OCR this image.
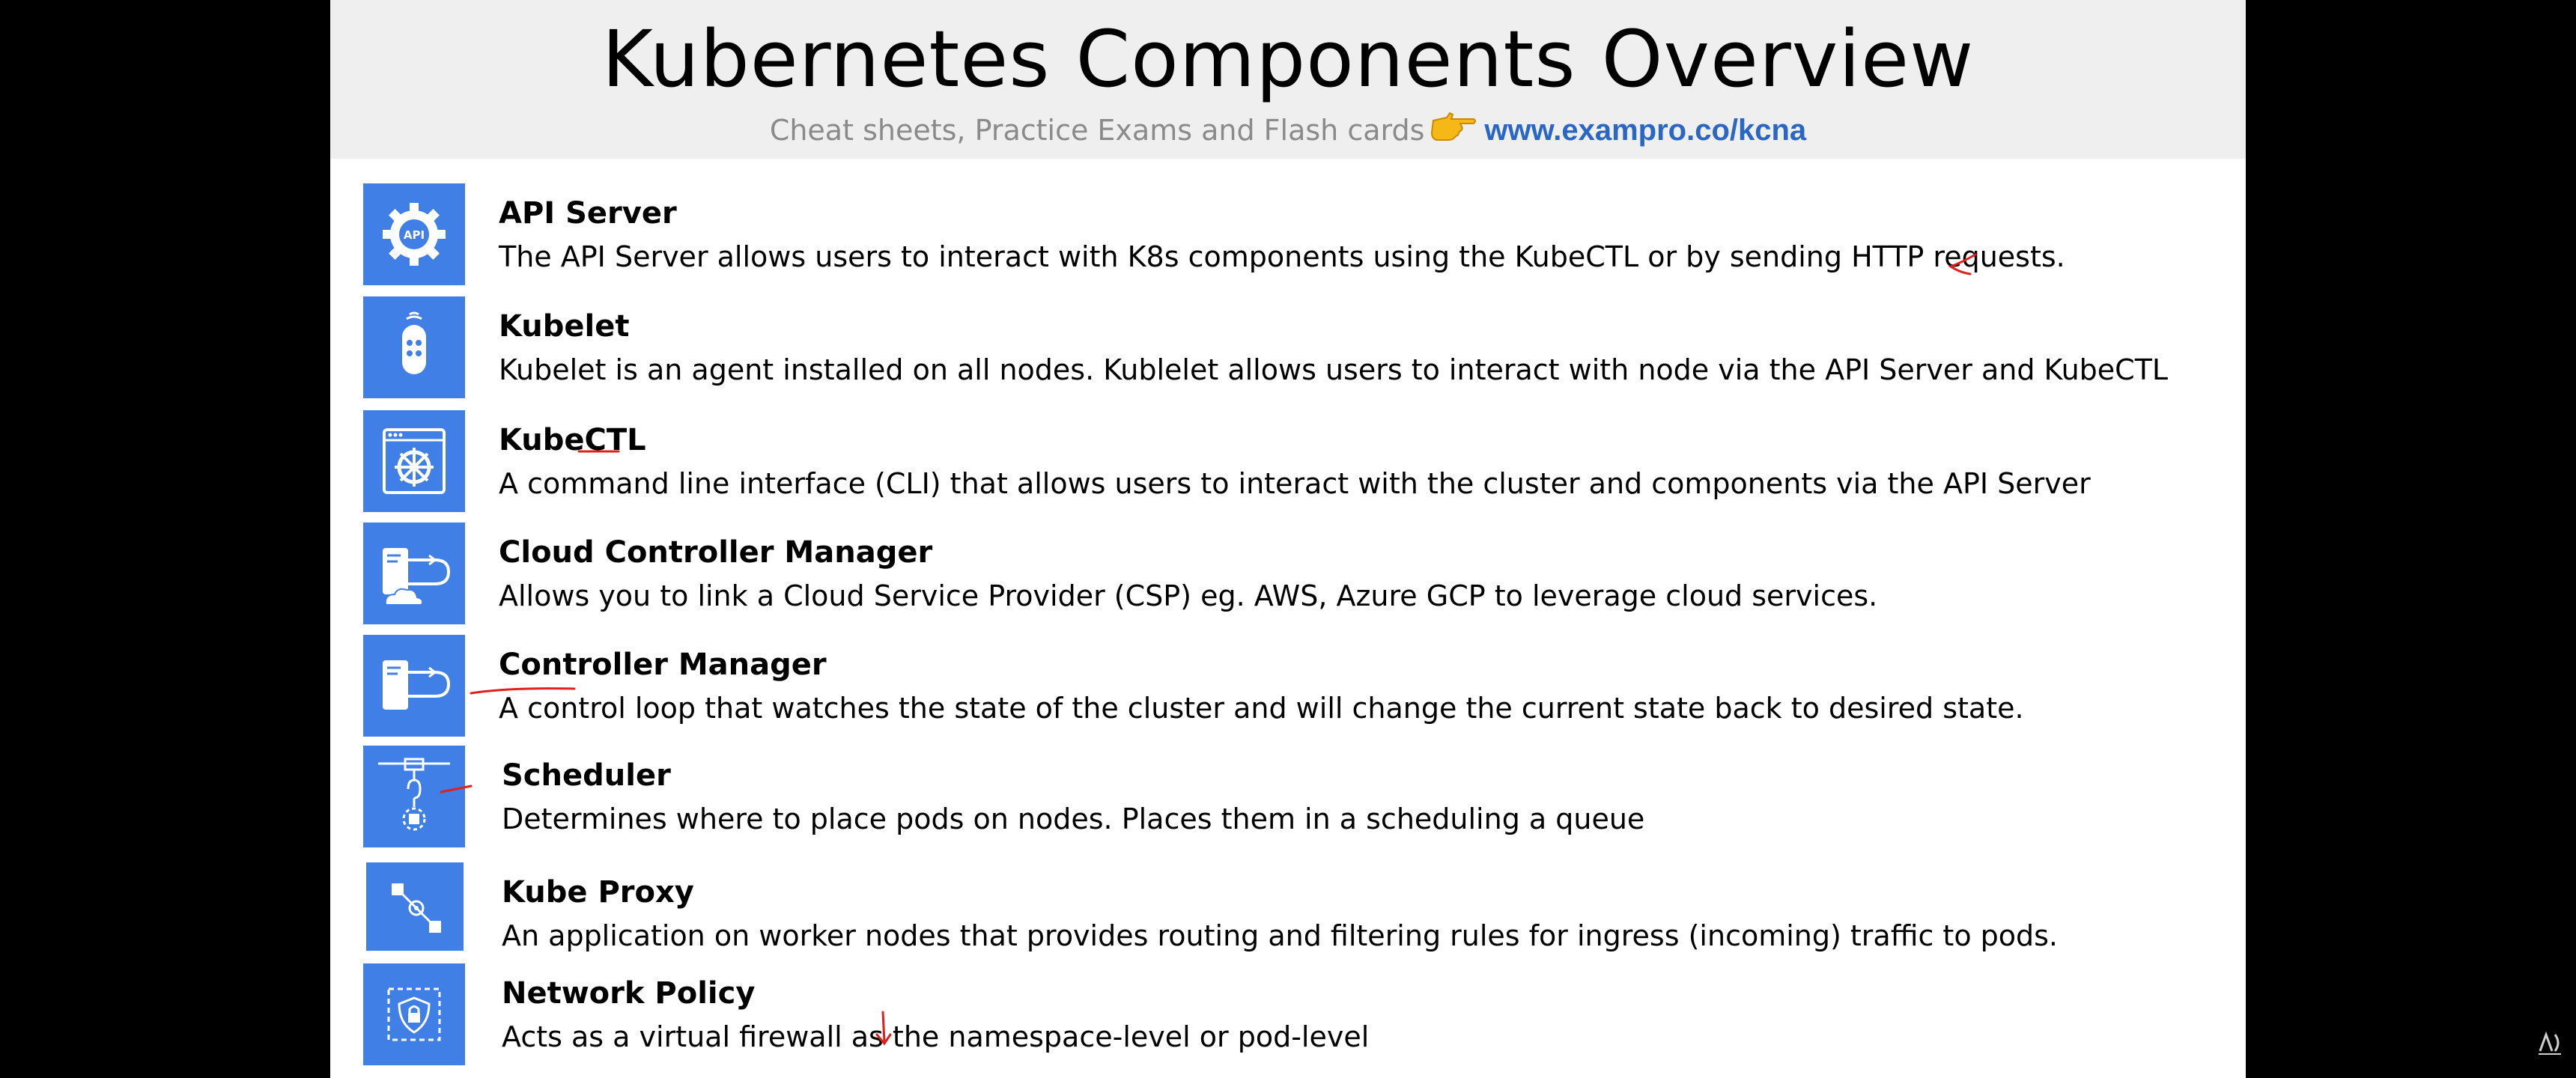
Kubernetes Components Overview
Cheat sheets, Practice Exams and Flash cards www.exampro.co/kcna
API
API Server
The API Server allows users to interact with K8s components using the KubeCTL or by sending HTTP requests.
Kubelet
Kubelet is an agent installed on all nodes. Kublelet allows users to interact with node via the API Server and KubeCTL
KubeCTL
A command line interface (CLI) that allows users to interact with the cluster and components via the API Server
Cloud Controller Manager
Allows you to link a Cloud Service Provider (CSP) eg. AWS, Azure GCP to leverage cloud services.
Controller Manager
A control loop that watches the state of the cluster and will change the current state back to desired state.
Scheduler
Determines where to place pods on nodes. Places them in a scheduling a queue
Kube Proxy
An application on worker nodes that provides routing and filtering rules for ingress (incoming) traffic to pods.
Network Policy
Acts as a virtual firewall as the namespace-level or pod-level
